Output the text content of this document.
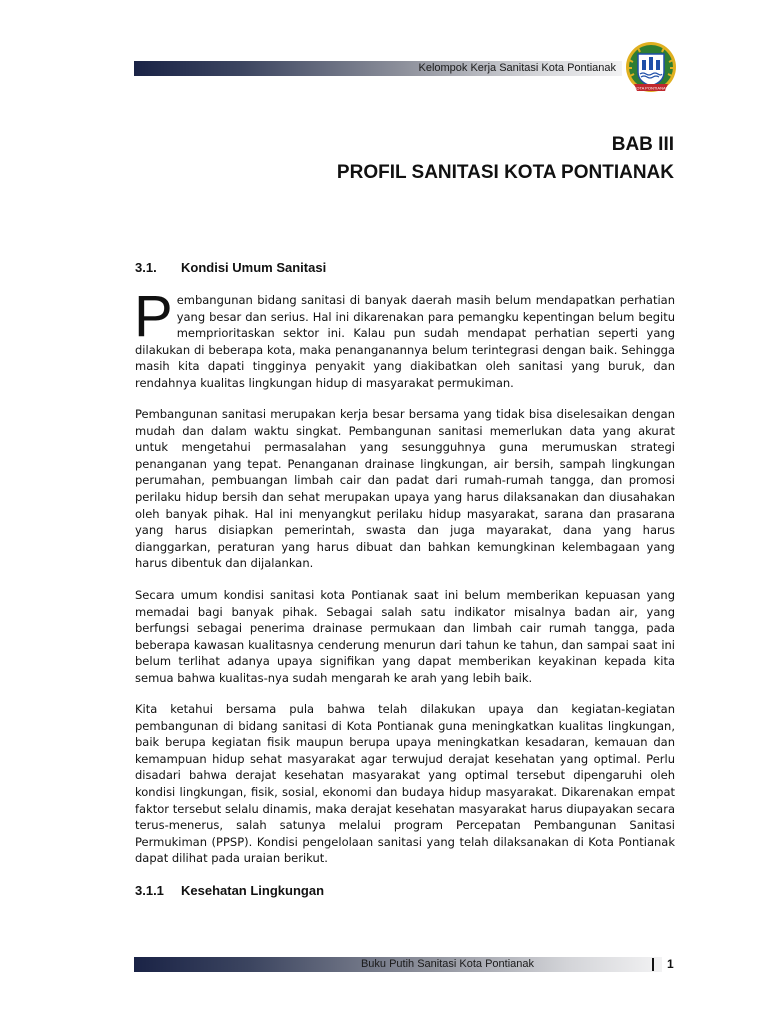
Kelompok Kerja Sanitasi Kota Pontianak
KOTA PONTIANAK
BAB III
PROFIL SANITASI KOTA PONTIANAK
3.1. Kondisi Umum Sanitasi

Pembangunan bidang sanitasi di banyak daerah masih belum mendapatkan perhatian yang besar dan serius. Hal ini dikarenakan para pemangku kepentingan belum begitu memprioritaskan sektor ini. Kalau pun sudah mendapat perhatian seperti yang dilakukan di beberapa kota, maka penanganannya belum terintegrasi dengan baik. Sehingga masih kita dapati tingginya penyakit yang diakibatkan oleh sanitasi yang buruk, dan rendahnya kualitas lingkungan hidup di masyarakat permukiman.

Pembangunan sanitasi merupakan kerja besar bersama yang tidak bisa diselesaikan dengan mudah dan dalam waktu singkat. Pembangunan sanitasi memerlukan data yang akurat untuk mengetahui permasalahan yang sesungguhnya guna merumuskan strategi penanganan yang tepat. Penanganan drainase lingkungan, air bersih, sampah lingkungan perumahan, pembuangan limbah cair dan padat dari rumah-rumah tangga, dan promosi perilaku hidup bersih dan sehat merupakan upaya yang harus dilaksanakan dan diusahakan oleh banyak pihak. Hal ini menyangkut perilaku hidup masyarakat, sarana dan prasarana yang harus disiapkan pemerintah, swasta dan juga mayarakat, dana yang harus dianggarkan, peraturan yang harus dibuat dan bahkan kemungkinan kelembagaan yang harus dibentuk dan dijalankan.

Secara umum kondisi sanitasi kota Pontianak saat ini belum memberikan kepuasan yang memadai bagi banyak pihak. Sebagai salah satu indikator misalnya badan air, yang berfungsi sebagai penerima drainase permukaan dan limbah cair rumah tangga, pada beberapa kawasan kualitasnya cenderung menurun dari tahun ke tahun, dan sampai saat ini belum terlihat adanya upaya signifikan yang dapat memberikan keyakinan kepada kita semua bahwa kualitas-nya sudah mengarah ke arah yang lebih baik.

Kita ketahui bersama pula bahwa telah dilakukan upaya dan kegiatan-kegiatan pembangunan di bidang sanitasi di Kota Pontianak guna meningkatkan kualitas lingkungan, baik berupa kegiatan fisik maupun berupa upaya meningkatkan kesadaran, kemauan dan kemampuan hidup sehat masyarakat agar terwujud derajat kesehatan yang optimal. Perlu disadari bahwa derajat kesehatan masyarakat yang optimal tersebut dipengaruhi oleh kondisi lingkungan, fisik, sosial, ekonomi dan budaya hidup masyarakat. Dikarenakan empat faktor tersebut selalu dinamis, maka derajat kesehatan masyarakat harus diupayakan secara terus-menerus, salah satunya melalui program Percepatan Pembangunan Sanitasi Permukiman (PPSP). Kondisi pengelolaan sanitasi yang telah dilaksanakan di Kota Pontianak dapat dilihat pada uraian berikut.

3.1.1 Kesehatan Lingkungan
Buku Putih Sanitasi Kota Pontianak	1
